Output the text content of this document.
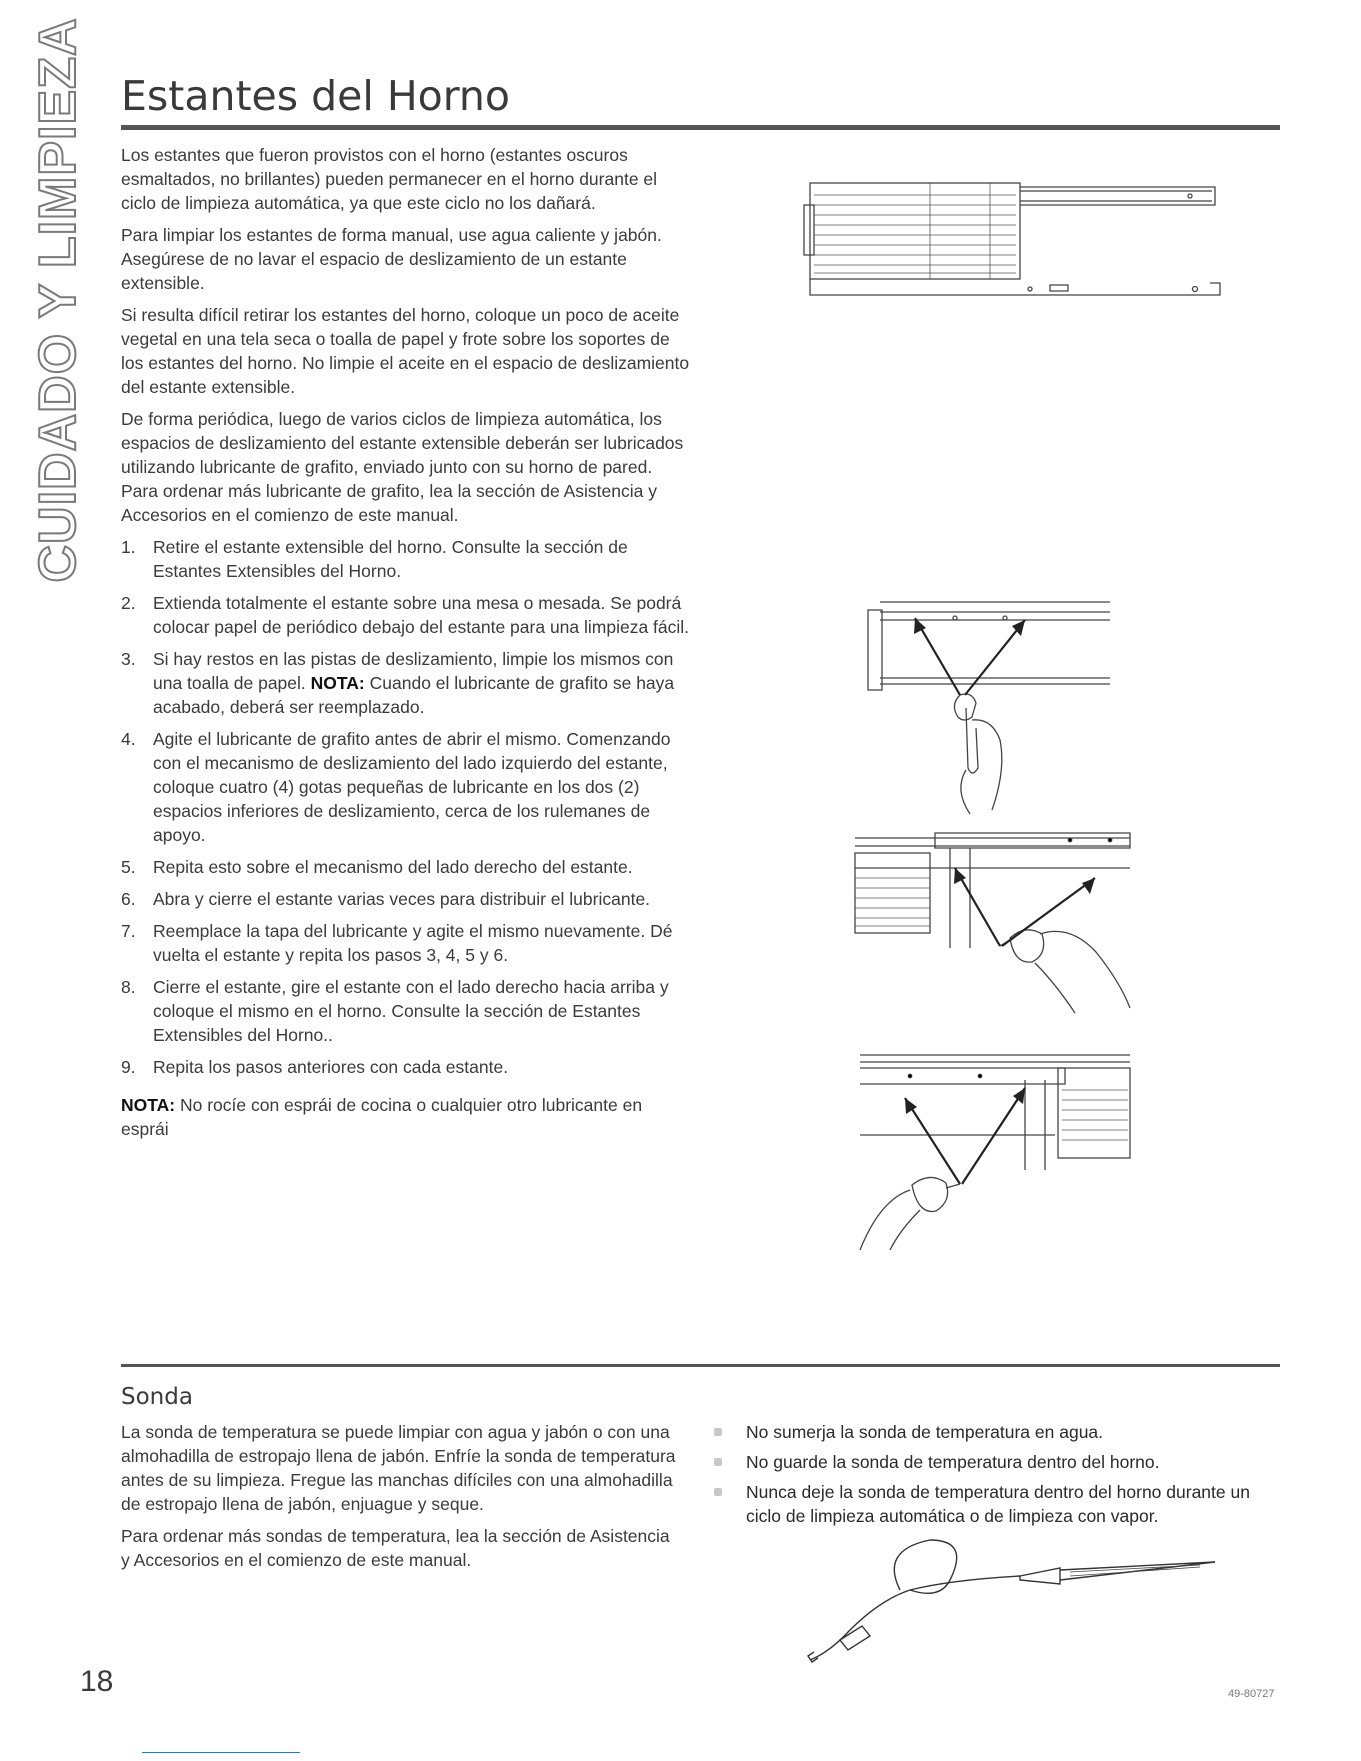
CUIDADO Y LIMPIEZA Estantes del Horno

Los estantes que fueron provistos con el horno (estantes oscuros esmaltados, no brillantes) pueden permanecer en el horno durante el ciclo de limpieza automática, ya que este ciclo no los dañará.

Para limpiar los estantes de forma manual, use agua caliente y jabón. Asegúrese de no lavar el espacio de deslizamiento de un estante extensible.

Si resulta difícil retirar los estantes del horno, coloque un poco de aceite vegetal en una tela seca o toalla de papel y frote sobre los soportes de los estantes del horno. No limpie el aceite en el espacio de deslizamiento del estante extensible.

De forma periódica, luego de varios ciclos de limpieza automática, los espacios de deslizamiento del estante extensible deberán ser lubricados utilizando lubricante de grafito, enviado junto con su horno de pared. Para ordenar más lubricante de grafito, lea la sección de Asistencia y Accesorios en el comienzo de este manual.

1. Retire el estante extensible del horno. Consulte la sección de Estantes Extensibles del Horno.
2. Extienda totalmente el estante sobre una mesa o mesada. Se podrá colocar papel de periódico debajo del estante para una limpieza fácil.
3. Si hay restos en las pistas de deslizamiento, limpie los mismos con una toalla de papel. NOTA: Cuando el lubricante de grafito se haya acabado, deberá ser reemplazado.
4. Agite el lubricante de grafito antes de abrir el mismo. Comenzando con el mecanismo de deslizamiento del lado izquierdo del estante, coloque cuatro (4) gotas pequeñas de lubricante en los dos (2) espacios inferiores de deslizamiento, cerca de los rulemanes de apoyo.
5. Repita esto sobre el mecanismo del lado derecho del estante.
6. Abra y cierre el estante varias veces para distribuir el lubricante.
7. Reemplace la tapa del lubricante y agite el mismo nuevamente. Dé vuelta el estante y repita los pasos 3, 4, 5 y 6.
8. Cierre el estante, gire el estante con el lado derecho hacia arriba y coloque el mismo en el horno. Consulte la sección de Estantes Extensibles del Horno..
9. Repita los pasos anteriores con cada estante.

NOTA: No rocíe con esprái de cocina o cualquier otro lubricante en esprái

Sonda

La sonda de temperatura se puede limpiar con agua y jabón o con una almohadilla de estropajo llena de jabón. Enfríe la sonda de temperatura antes de su limpieza. Fregue las manchas difíciles con una almohadilla de estropajo llena de jabón, enjuague y seque.

Para ordenar más sondas de temperatura, lea la sección de Asistencia y Accesorios en el comienzo de este manual.

No sumerja la sonda de temperatura en agua.
No guarde la sonda de temperatura dentro del horno.
Nunca deje la sonda de temperatura dentro del horno durante un ciclo de limpieza automática o de limpieza con vapor.
18	49-80727
